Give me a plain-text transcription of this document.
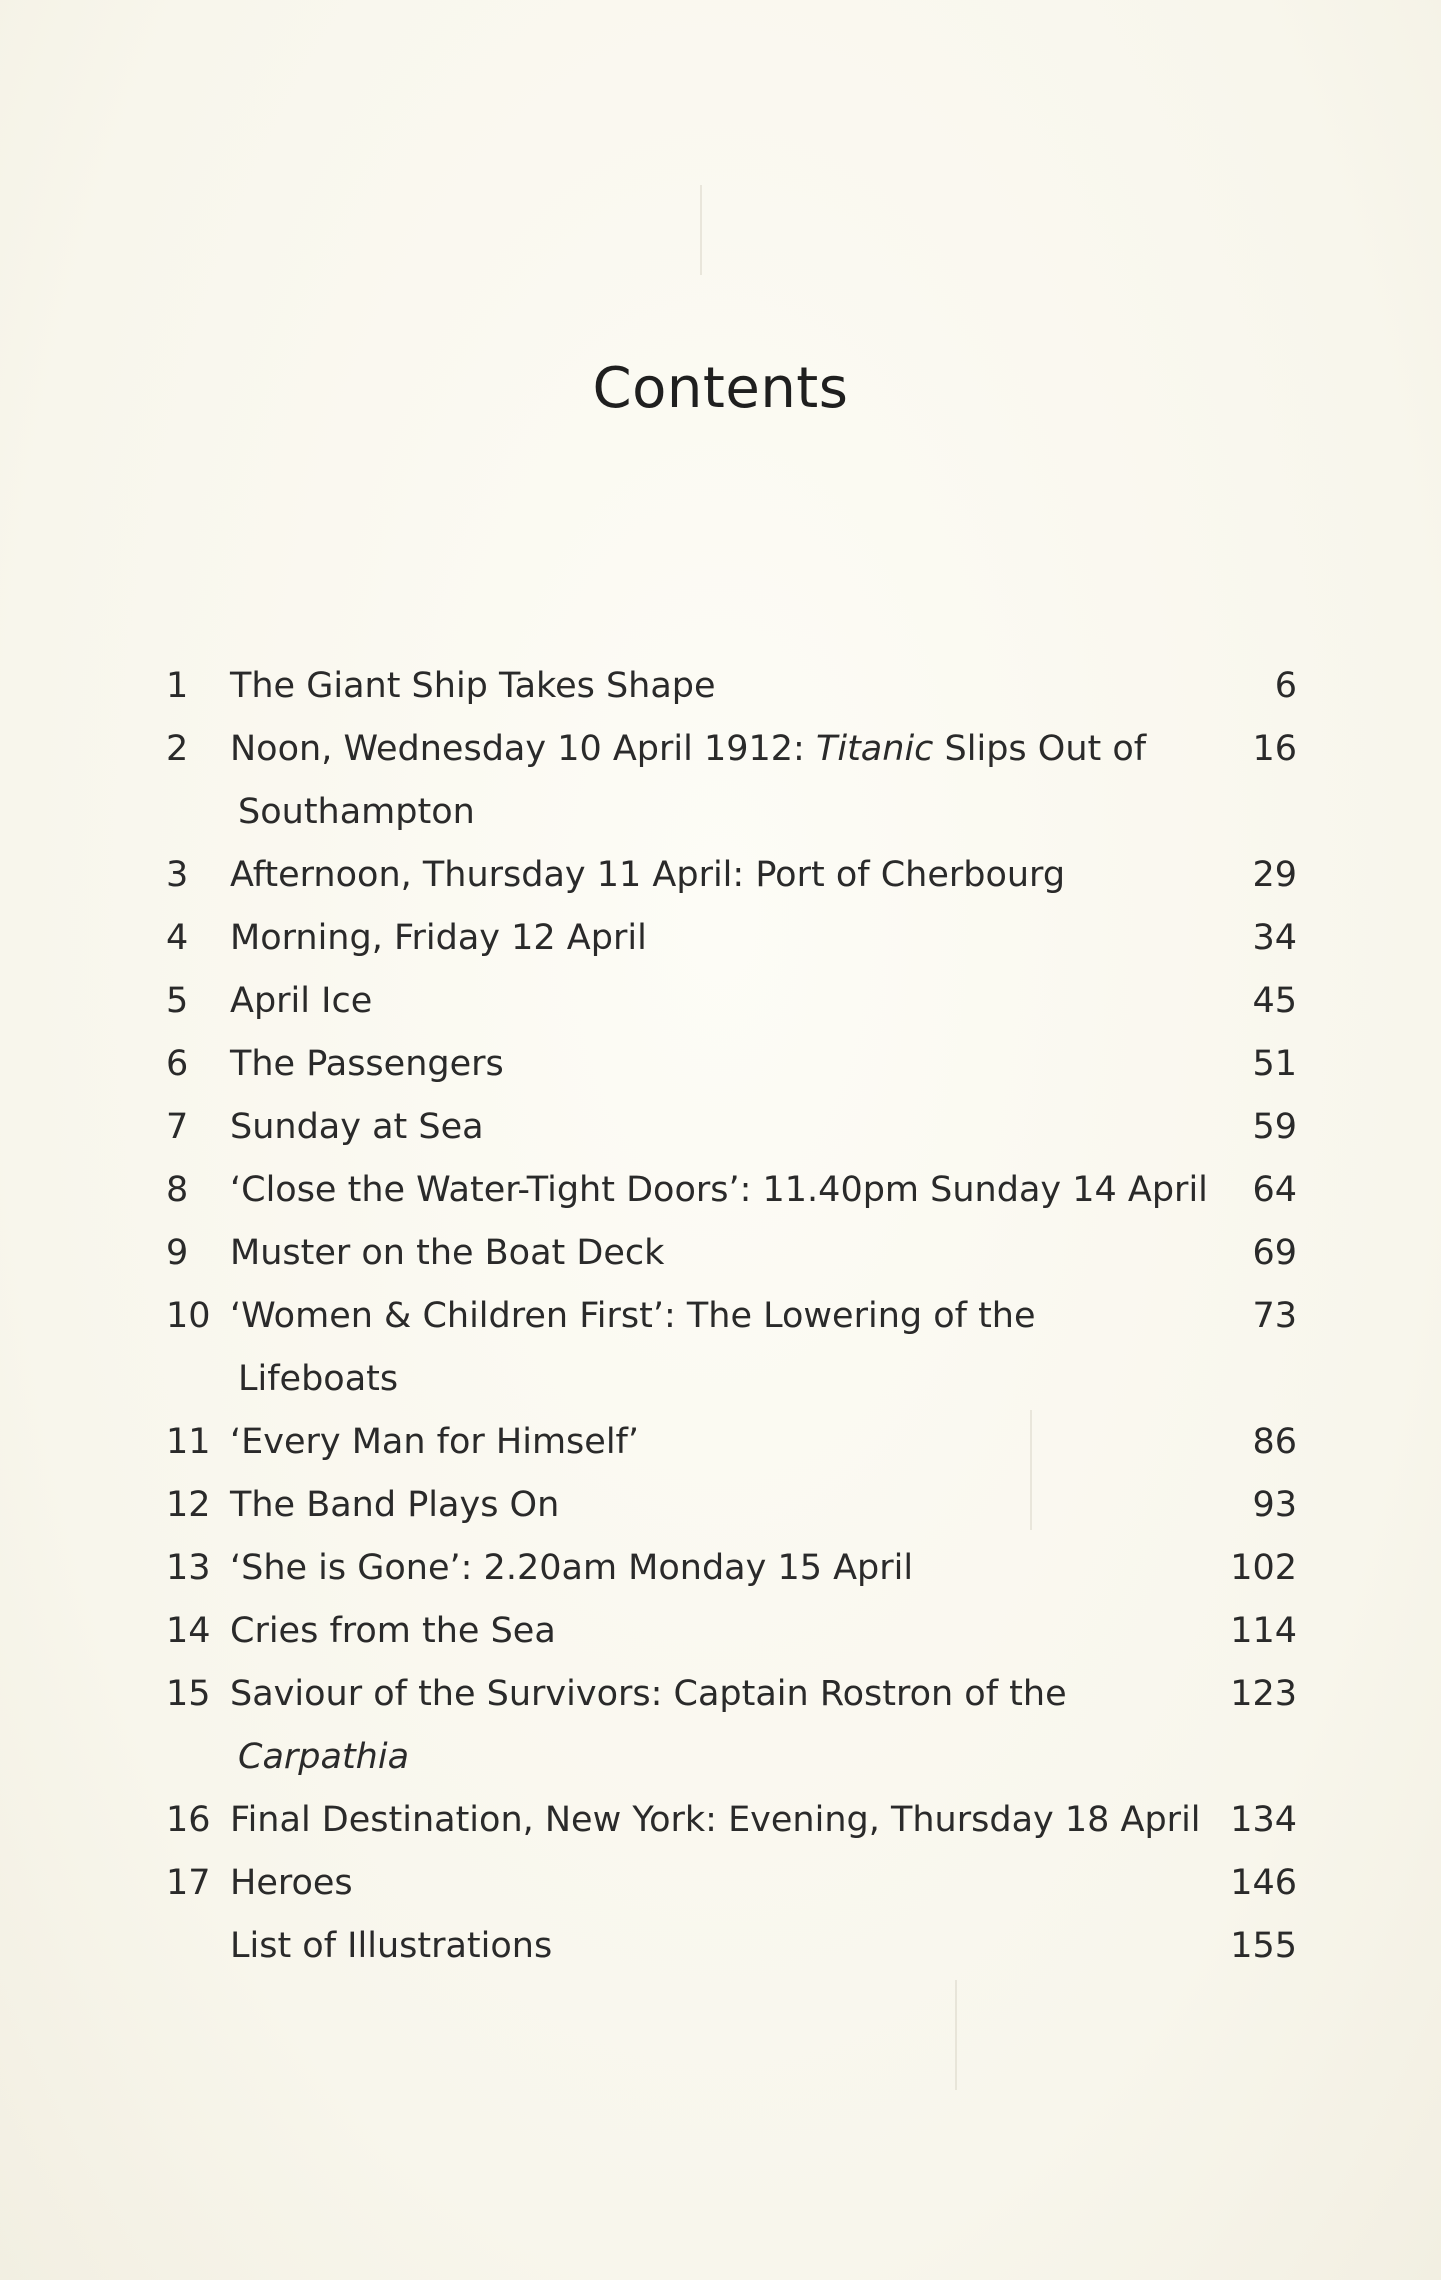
Contents
1	The Giant Ship Takes Shape	6
2	Noon, Wednesday 10 April 1912: Titanic Slips Out of	16
Southampton
3	Afternoon, Thursday 11 April: Port of Cherbourg	29
4	Morning, Friday 12 April	34
5	April Ice	45
6	The Passengers	51
7	Sunday at Sea	59
8	‘Close the Water-Tight Doors’: 11.40pm Sunday 14 April 64
9	Muster on the Boat Deck	69
10 ‘Women & Children First’: The Lowering of the	73
Lifeboats
11 ‘Every Man for Himself’	86
12 The Band Plays On	93
13 ‘She is Gone’: 2.20am Monday 15 April	102
14 Cries from the Sea	114
15 Saviour of the Survivors: Captain Rostron of the	123
Carpathia
16 Final Destination, New York: Evening, Thursday 18 April 134
17 Heroes	146
List of Illustrations	155
